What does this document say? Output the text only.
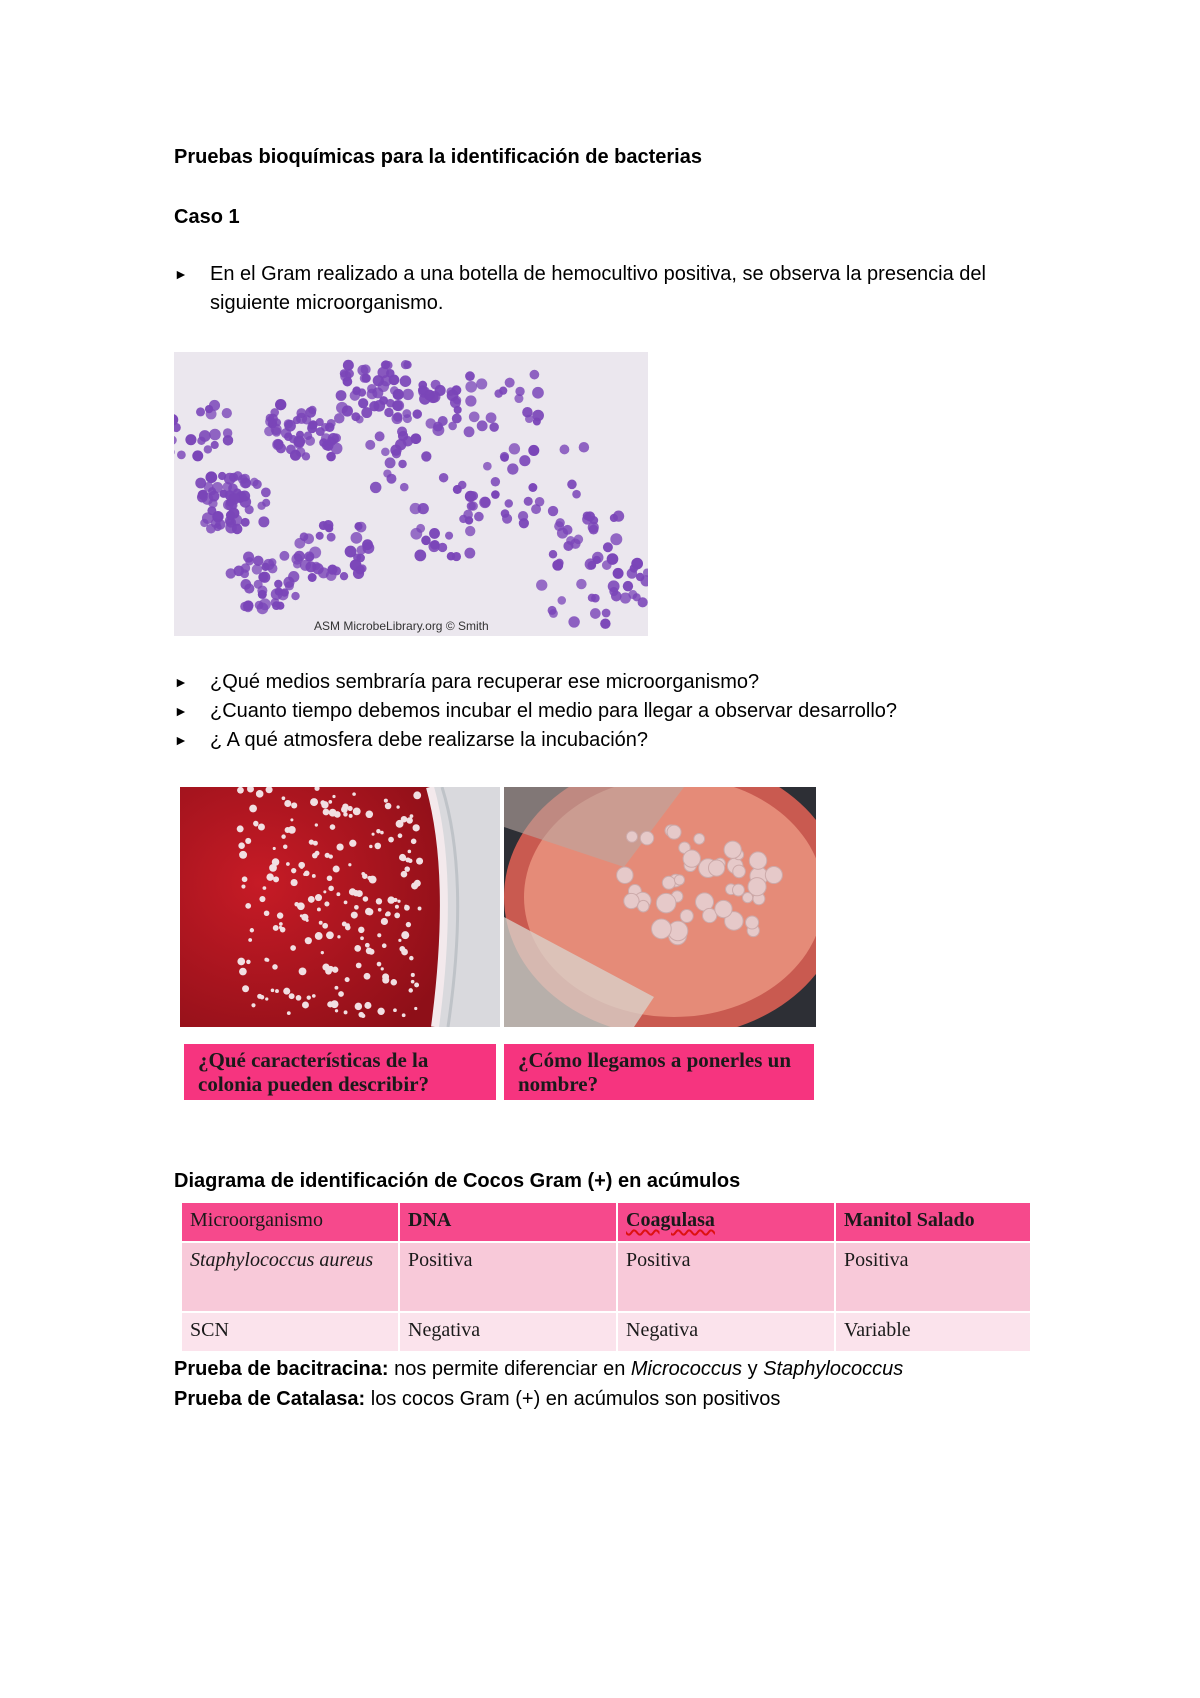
Pruebas bioquímicas para la identificación de bacterias
Caso 1
►	En el Gram realizado a una botella de hemocultivo positiva, se observa la presencia del siguiente microorganismo.
ASM MicrobeLibrary.org © Smith
►	¿Qué medios sembraría para recuperar ese microorganismo?
►	¿Cuanto tiempo debemos incubar el medio para llegar a observar desarrollo?
►	¿ A qué atmosfera debe realizarse la incubación?
¿Qué características de la colonia pueden describir?
¿Cómo llegamos a ponerles un nombre?
Diagrama de identificación de Cocos Gram (+) en acúmulos
Microorganismo	DNA	Coagulasa	Manitol Salado
Staphylococcus aureus	Positiva	Positiva	Positiva
SCN	Negativa	Negativa	Variable
Prueba de bacitracina: nos permite diferenciar en Micrococcus y Staphylococcus
Prueba de Catalasa: los cocos Gram (+) en acúmulos son positivos
